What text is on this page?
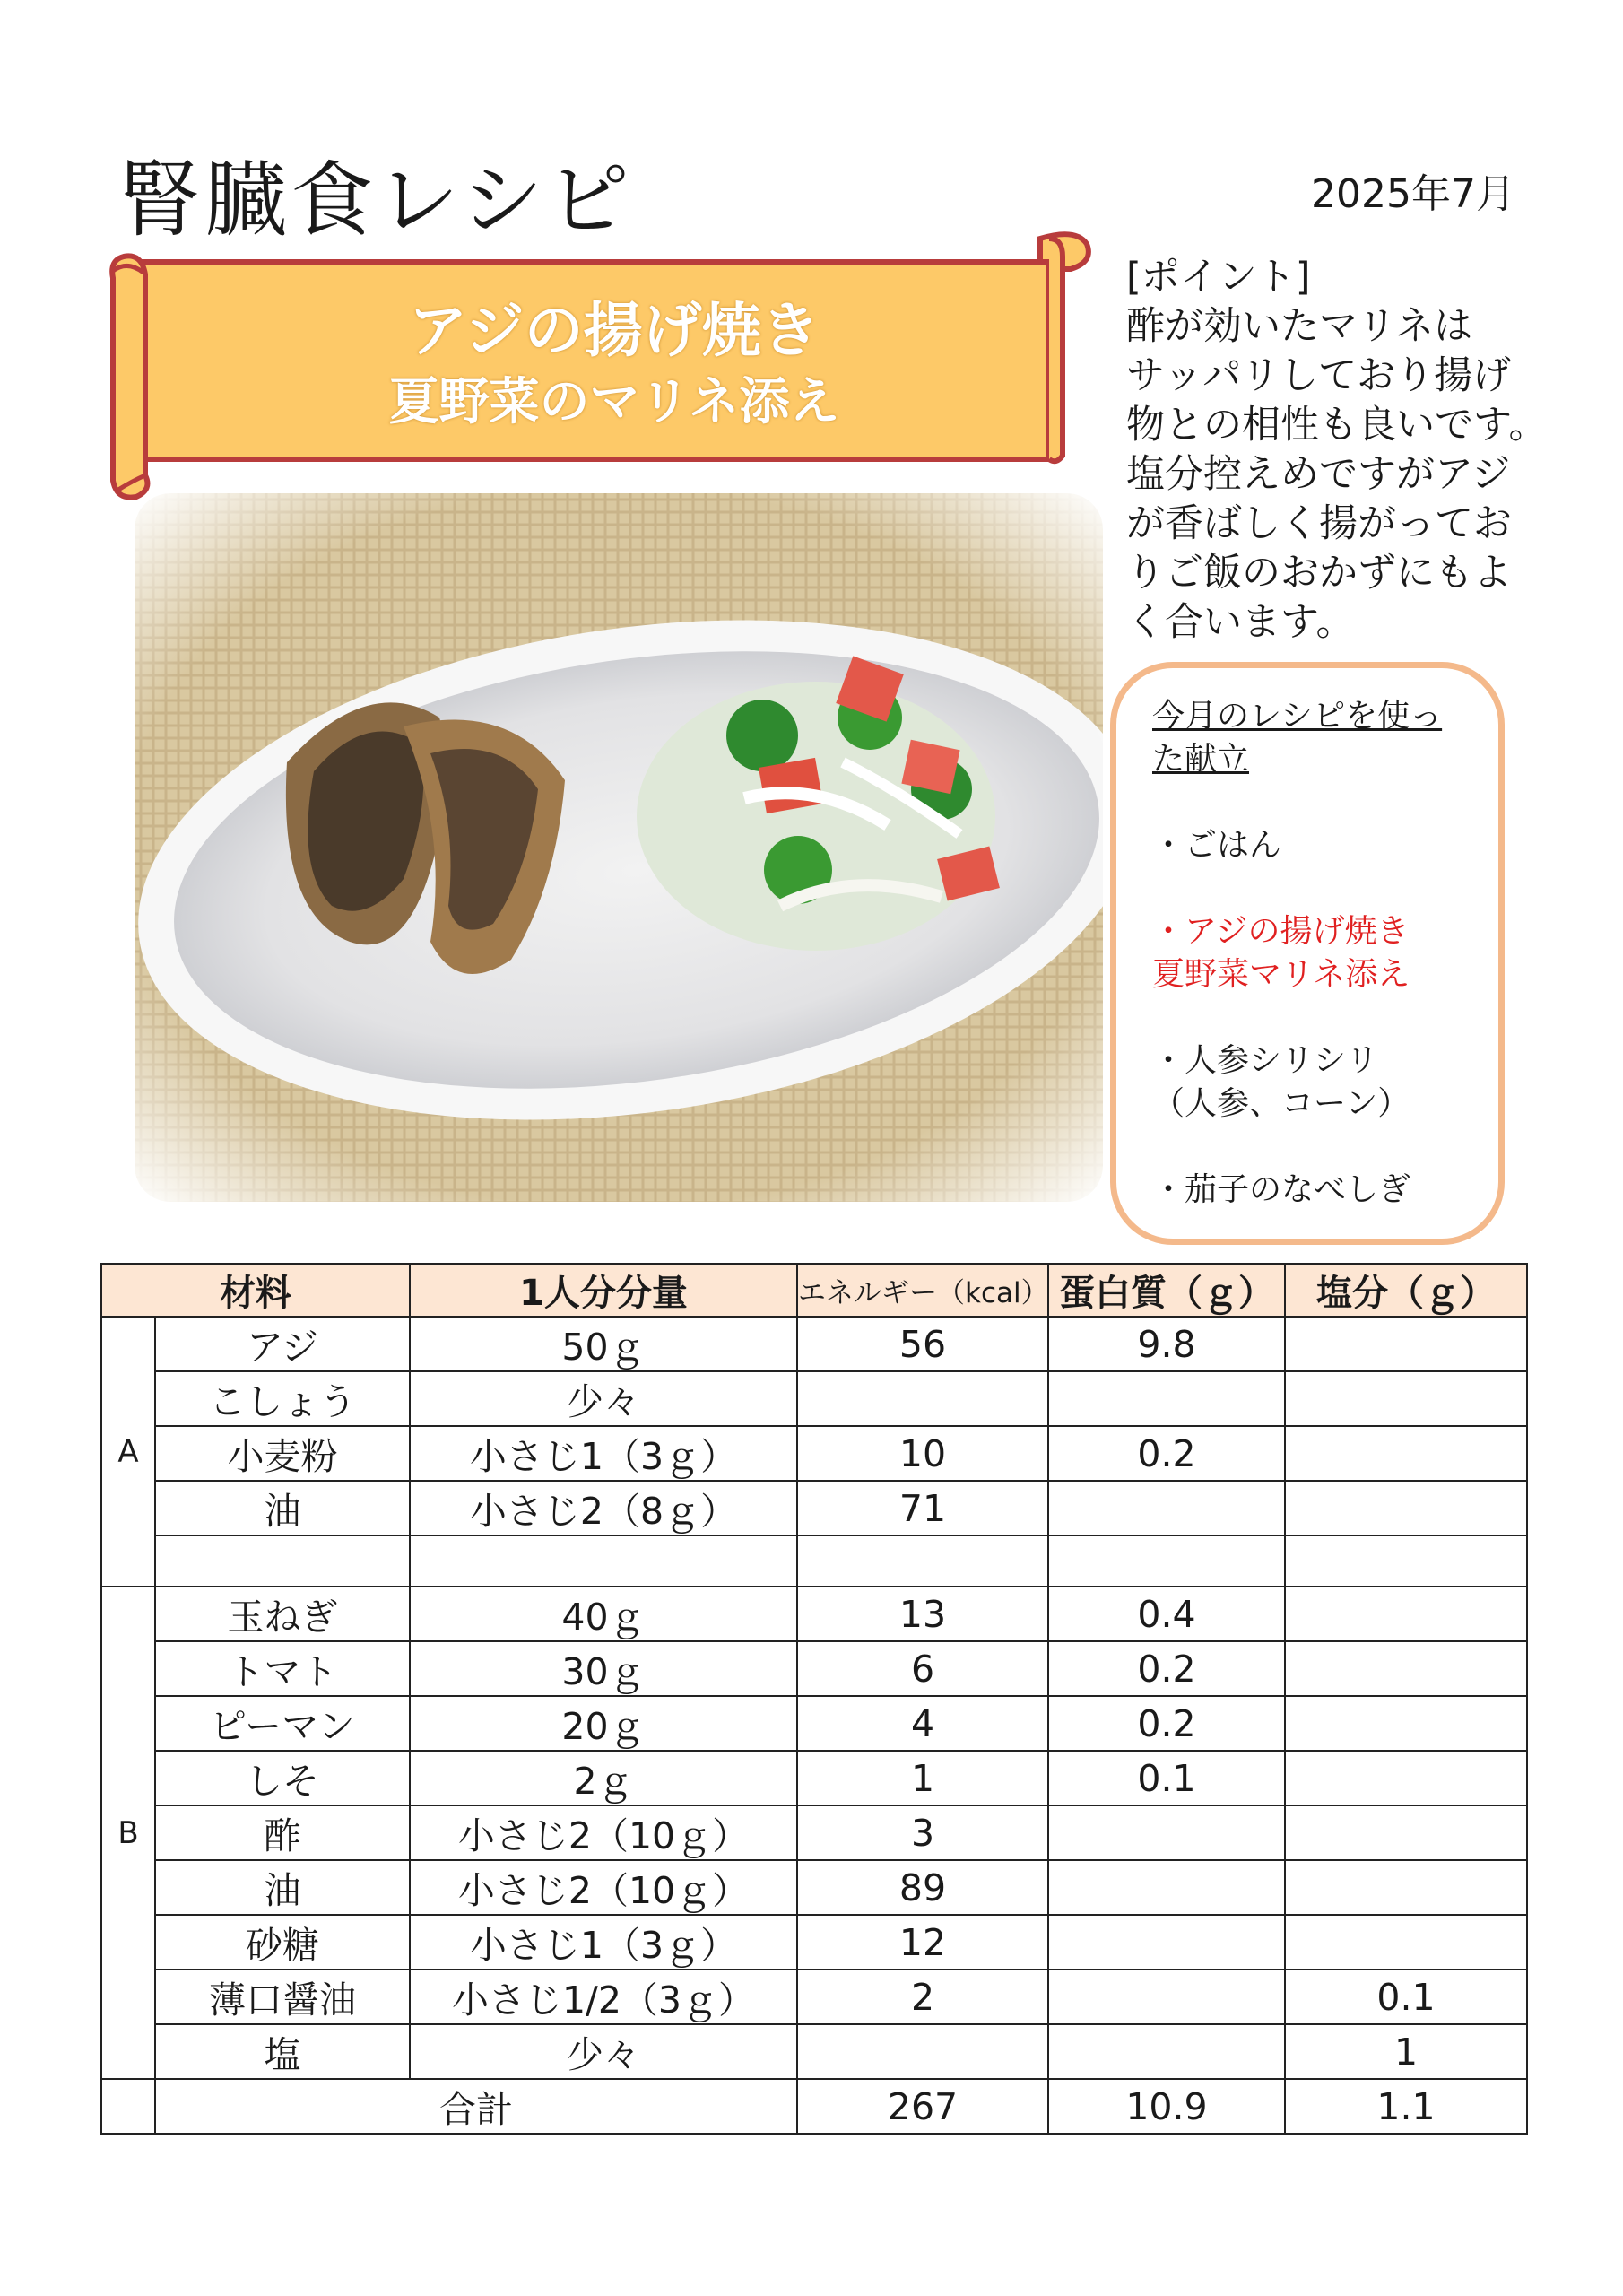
腎臓食レシピ	2025年7月
アジの揚げ焼き
夏野菜のマリネ添え
[ポイント]
酢が効いたマリネは
サッパリしており揚げ
物との相性も良いです。
塩分控えめですがアジ
が香ばしく揚がってお
りご飯のおかずにもよ
く合います。
今月のレシピを使っ
た献立
・ごはん
・アジの揚げ焼き
夏野菜マリネ添え
・人参シリシリ
（人参、コーン）
・茄子のなべしぎ
材料		1人分分量	エネルギー（kcal）	蛋白質（ｇ）	塩分（ｇ）
A	アジ	50ｇ	56	9.8	
	こしょう	少々			
	小麦粉	小さじ1（3ｇ）	10	0.2	
	油	小さじ2（8ｇ）	71		

B	玉ねぎ	40ｇ	13	0.4	
	トマト	30ｇ	6	0.2	
	ピーマン	20ｇ	4	0.2	
	しそ	2ｇ	1	0.1	
	酢	小さじ2（10ｇ）	3		
	油	小さじ2（10ｇ）	89		
	砂糖	小さじ1（3ｇ）	12		
	薄口醤油	小さじ1/2（3ｇ）	2		0.1
	塩	少々			1
	合計		267	10.9	1.1
